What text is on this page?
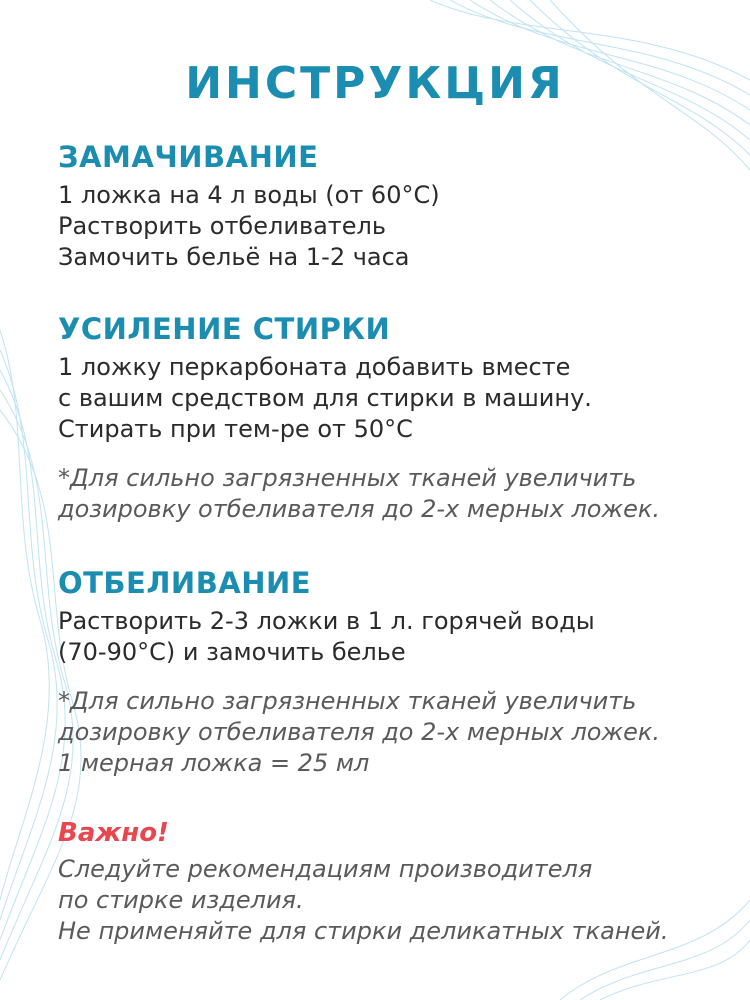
ИНСТРУКЦИЯ

ЗАМАЧИВАНИЕ

1 ложка на 4 л воды (от 60°C)

Растворить отбеливатель

Замочить бельё на 1-2 часа

УСИЛЕНИЕ СТИРКИ

1 ложку перкарбоната добавить вместе

с вашим средством для стирки в машину.

Стирать при тем-ре от 50°C

*Для сильно загрязненных тканей увеличить

дозировку отбеливателя до 2-х мерных ложек.

ОТБЕЛИВАНИЕ

Растворить 2-3 ложки в 1 л. горячей воды

(70-90°C) и замочить белье

*Для сильно загрязненных тканей увеличить

дозировку отбеливателя до 2-х мерных ложек.

1 мерная ложка = 25 мл

Важно!

Следуйте рекомендациям производителя

по стирке изделия.

Не применяйте для стирки деликатных тканей.
